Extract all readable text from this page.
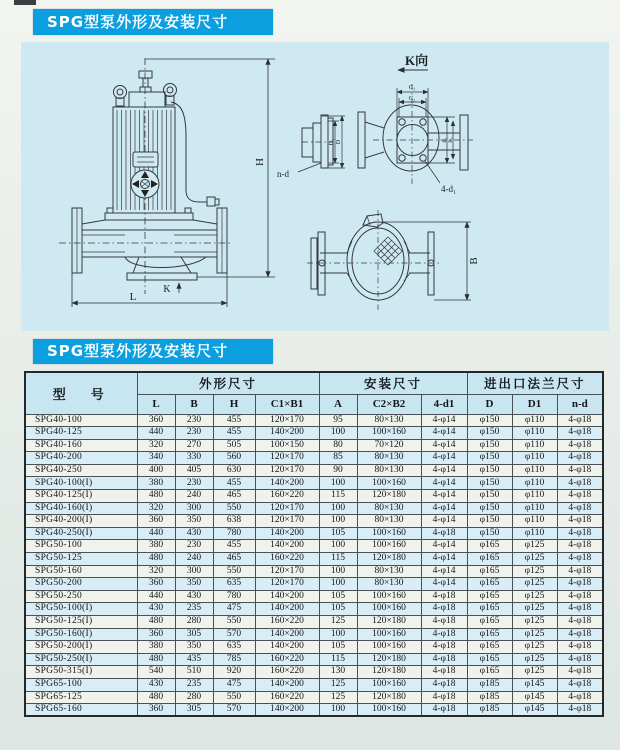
SPG型泵外形及安装尺寸
H
L
K
K向
D₁ D
n-d
C₁
C₂
B₁ B₂
4-d₁
B
SPG型泵外形及安装尺寸
型　号	外形尺寸				安装尺寸			进出口法兰尺寸		
	L	B	H	C1×B1	A	C2×B2	4-d1	D	D1	n-d
SPG40-100	360	230	455	120×170	95	80×130	4-φ14	φ150	φ110	4-φ18
SPG40-125	440	230	455	140×200	100	100×160	4-φ14	φ150	φ110	4-φ18
SPG40-160	320	270	505	100×150	80	70×120	4-φ14	φ150	φ110	4-φ18
SPG40-200	340	330	560	120×170	85	80×130	4-φ14	φ150	φ110	4-φ18
SPG40-250	400	405	630	120×170	90	80×130	4-φ14	φ150	φ110	4-φ18
SPG40-100(I)	380	230	455	140×200	100	100×160	4-φ14	φ150	φ110	4-φ18
SPG40-125(I)	480	240	465	160×220	115	120×180	4-φ14	φ150	φ110	4-φ18
SPG40-160(I)	320	300	550	120×170	100	80×130	4-φ14	φ150	φ110	4-φ18
SPG40-200(I)	360	350	638	120×170	100	80×130	4-φ14	φ150	φ110	4-φ18
SPG40-250(I)	440	430	780	140×200	105	100×160	4-φ18	φ150	φ110	4-φ18
SPG50-100	380	230	455	140×200	100	100×160	4-φ14	φ165	φ125	4-φ18
SPG50-125	480	240	465	160×220	115	120×180	4-φ14	φ165	φ125	4-φ18
SPG50-160	320	300	550	120×170	100	80×130	4-φ14	φ165	φ125	4-φ18
SPG50-200	360	350	635	120×170	100	80×130	4-φ14	φ165	φ125	4-φ18
SPG50-250	440	430	780	140×200	105	100×160	4-φ18	φ165	φ125	4-φ18
SPG50-100(I)	430	235	475	140×200	105	100×160	4-φ18	φ165	φ125	4-φ18
SPG50-125(I)	480	280	550	160×220	125	120×180	4-φ18	φ165	φ125	4-φ18
SPG50-160(I)	360	305	570	140×200	100	100×160	4-φ18	φ165	φ125	4-φ18
SPG50-200(I)	380	350	635	140×200	105	100×160	4-φ18	φ165	φ125	4-φ18
SPG50-250(I)	480	435	785	160×220	115	120×180	4-φ18	φ165	φ125	4-φ18
SPG50-315(I)	540	510	920	160×220	130	120×180	4-φ18	φ165	φ125	4-φ18
SPG65-100	430	235	475	140×200	125	100×160	4-φ18	φ185	φ145	4-φ18
SPG65-125	480	280	550	160×220	125	120×180	4-φ18	φ185	φ145	4-φ18
SPG65-160	360	305	570	140×200	100	100×160	4-φ18	φ185	φ145	4-φ18
